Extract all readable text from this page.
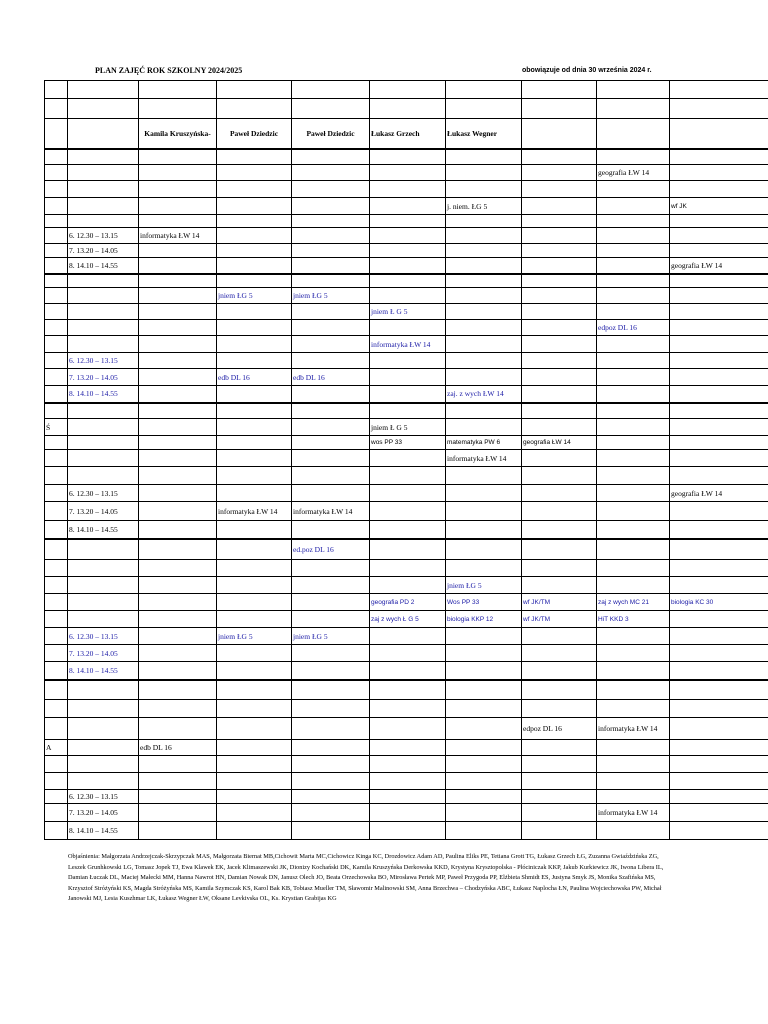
PLAN ZAJĘĆ ROK SZKOLNY 2024/2025	obowiązuje od dnia 30 września 2024 r.

		Kamila Kruszyńska-	Paweł Dziedzic	Paweł Dziedzic	Łukasz Grzech	Łukasz Wegner				

								geografia ŁW 14		

						j. niem. ŁG 5			wf JK	

	6. 12.30 – 13.15	informatyka ŁW 14								
	7. 13.20 – 14.05									
	8. 14.10 – 14.55								geografia ŁW 14	

			jniem ŁG 5	jniem ŁG 5						
					jniem Ł G 5					
								edpoz DL 16		
					informatyka ŁW 14					
	6. 12.30 – 13.15									
	7. 13.20 – 14.05		edb DL 16	edb DL 16						
	8. 14.10 – 14.55					zaj. z wych ŁW 14				

Ś					jniem Ł G 5					
					wos PP 33	matematyka PW 6	geografia ŁW 14			
						informatyka ŁW 14				

	6. 12.30 – 13.15								geografia ŁW 14	
	7. 13.20 – 14.05		informatyka ŁW 14	informatyka ŁW 14						
	8. 14.10 – 14.55									
				ed.poz DL 16						

						jniem ŁG 5				
					geografia PD 2	Wos PP 33	wf JK/TM	zaj z wych MC 21	biologia KC 30	
					zaj z wych Ł G 5	biologia KKP 12	wf JK/TM	HiT KKD 3		
	6. 12.30 – 13.15		jniem ŁG 5	jniem ŁG 5						
	7. 13.20 – 14.05									
	8. 14.10 – 14.55									

							edpoz DL 16	informatyka ŁW 14		
A		edb DL 16								

	6. 12.30 – 13.15									
	7. 13.20 – 14.05							informatyka ŁW 14		
	8. 14.10 – 14.55									
Objaśnienia: Małgorzata Andrzejczak-Skrzypczak MAS, Małgorzata Biernat MB,Cichowit Marta MC,Cichowicz Kinga KC, Drozdowicz Adam AD, Paulina Eliks PE, Tetiana Grott TG, Łukasz Grzech ŁG, Zuzanna Gwiaździńska ZG, Leszek Grunhkowski LG, Tomasz Jopek TJ, Ewa Klawek EK, Jacek Klimaszewski JK, Dionizy Kochański DK, Kamila Kruszyńska Derkowska KKD, Krystyna Krysztopolska - Płóciniczak KKP, Jakub Kurkiewicz JK, Iwona Libera IL, Damian Łuczak DL, Maciej Małecki MM, Hanna Nawrot HN, Damian Nowak DN, Janusz Olech JO, Beata Orzechowska BO, Mirosława Pertek MP, Paweł Przygoda PP, Elżbieta Shmidt ES, Justyna Smyk JS, Monika Szafińska MS, Krzysztof Stróżyński KS, Magda Stróżyńska MS, Kamila Szymczak KS, Karol Bak KB, Tobiasz Mueller TM, Sławomir Malinowski SM, Anna Brzechwa – Chodzyńska ABC, Łukasz Naplocha ŁN, Paulina Wojciechowska PW, Michał Janowski MJ, Lesia Kuszhmar LK, Łukasz Wegner ŁW, Oksane Levkivska OL, Ks. Krystian Grabijas KG
